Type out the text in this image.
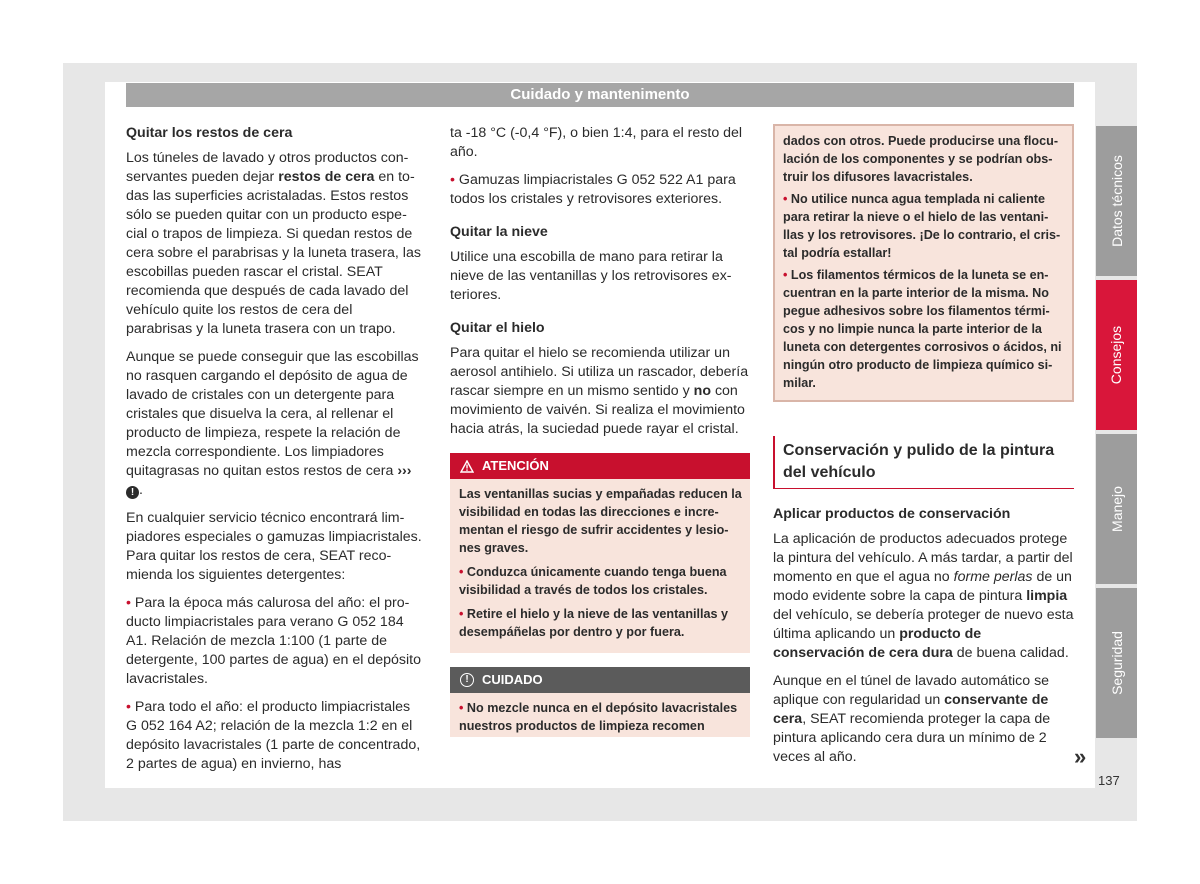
Cuidado y mantenimento
Quitar los restos de cera

Los túneles de lavado y otros productos conservantes pueden dejar restos de cera en todas las superficies acristaladas. Estos restos sólo se pueden quitar con un producto especial o trapos de limpieza. Si quedan restos de cera sobre el parabrisas y la luneta trasera, las escobillas pueden rascar el cristal. SEAT recomienda que después de cada lavado del vehículo quite los restos de cera del parabrisas y la luneta trasera con un trapo.

Aunque se puede conseguir que las escobillas no rasquen cargando el depósito de agua de lavado de cristales con un detergente para cristales que disuelva la cera, al rellenar el producto de limpieza, respete la relación de mezcla correspondiente. Los limpiadores quitagrasas no quitan estos restos de cera ››› ! .

En cualquier servicio técnico encontrará limpiadores especiales o gamuzas limpiacristales. Para quitar los restos de cera, SEAT recomienda los siguientes detergentes:

• Para la época más calurosa del año: el producto limpiacristales para verano G 052 184 A1. Relación de mezcla 1:100 (1 parte de detergente, 100 partes de agua) en el depósito lavacristales.

• Para todo el año: el producto limpiacristales G 052 164 A2; relación de la mezcla 1:2 en el depósito lavacristales (1 parte de concentrado, 2 partes de agua) en invierno, has

ta -18 °C (-0,4 °F), o bien 1:4, para el resto del año.

• Gamuzas limpiacristales G 052 522 A1 para todos los cristales y retrovisores exteriores.

Quitar la nieve

Utilice una escobilla de mano para retirar la nieve de las ventanillas y los retrovisores exteriores.

Quitar el hielo

Para quitar el hielo se recomienda utilizar un aerosol antihielo. Si utiliza un rascador, debería rascar siempre en un mismo sentido y no con movimiento de vaivén. Si realiza el movimiento hacia atrás, la suciedad puede rayar el cristal.

ATENCIÓN

Las ventanillas sucias y empañadas reducen la visibilidad en todas las direcciones e incrementan el riesgo de sufrir accidentes y lesiones graves.

• Conduzca únicamente cuando tenga buena visibilidad a través de todos los cristales.

• Retire el hielo y la nieve de las ventanillas y desempáñelas por dentro y por fuera.

!	CUIDADO
• No mezcle nunca en el depósito lavacristales nuestros productos de limpieza recomen

dados con otros. Puede producirse una floculación de los componentes y se podrían obstruir los difusores lavacristales.

• No utilice nunca agua templada ni caliente para retirar la nieve o el hielo de las ventanillas y los retrovisores. ¡De lo contrario, el cristal podría estallar!

• Los filamentos térmicos de la luneta se encuentran en la parte interior de la misma. No pegue adhesivos sobre los filamentos térmicos y no limpie nunca la parte interior de la luneta con detergentes corrosivos o ácidos, ni ningún otro producto de limpieza químico similar.

Conservación y pulido de la pintura del vehículo
Aplicar productos de conservación

La aplicación de productos adecuados protege la pintura del vehículo. A más tardar, a partir del momento en que el agua no forme perlas de un modo evidente sobre la capa de pintura limpia del vehículo, se debería proteger de nuevo esta última aplicando un producto de conservación de cera dura de buena calidad.

Aunque en el túnel de lavado automático se aplique con regularidad un conservante de cera, SEAT recomienda proteger la capa de pintura aplicando cera dura un mínimo de 2 veces al año.	»
Datos técnicos
Consejos
Manejo
Seguridad
137
